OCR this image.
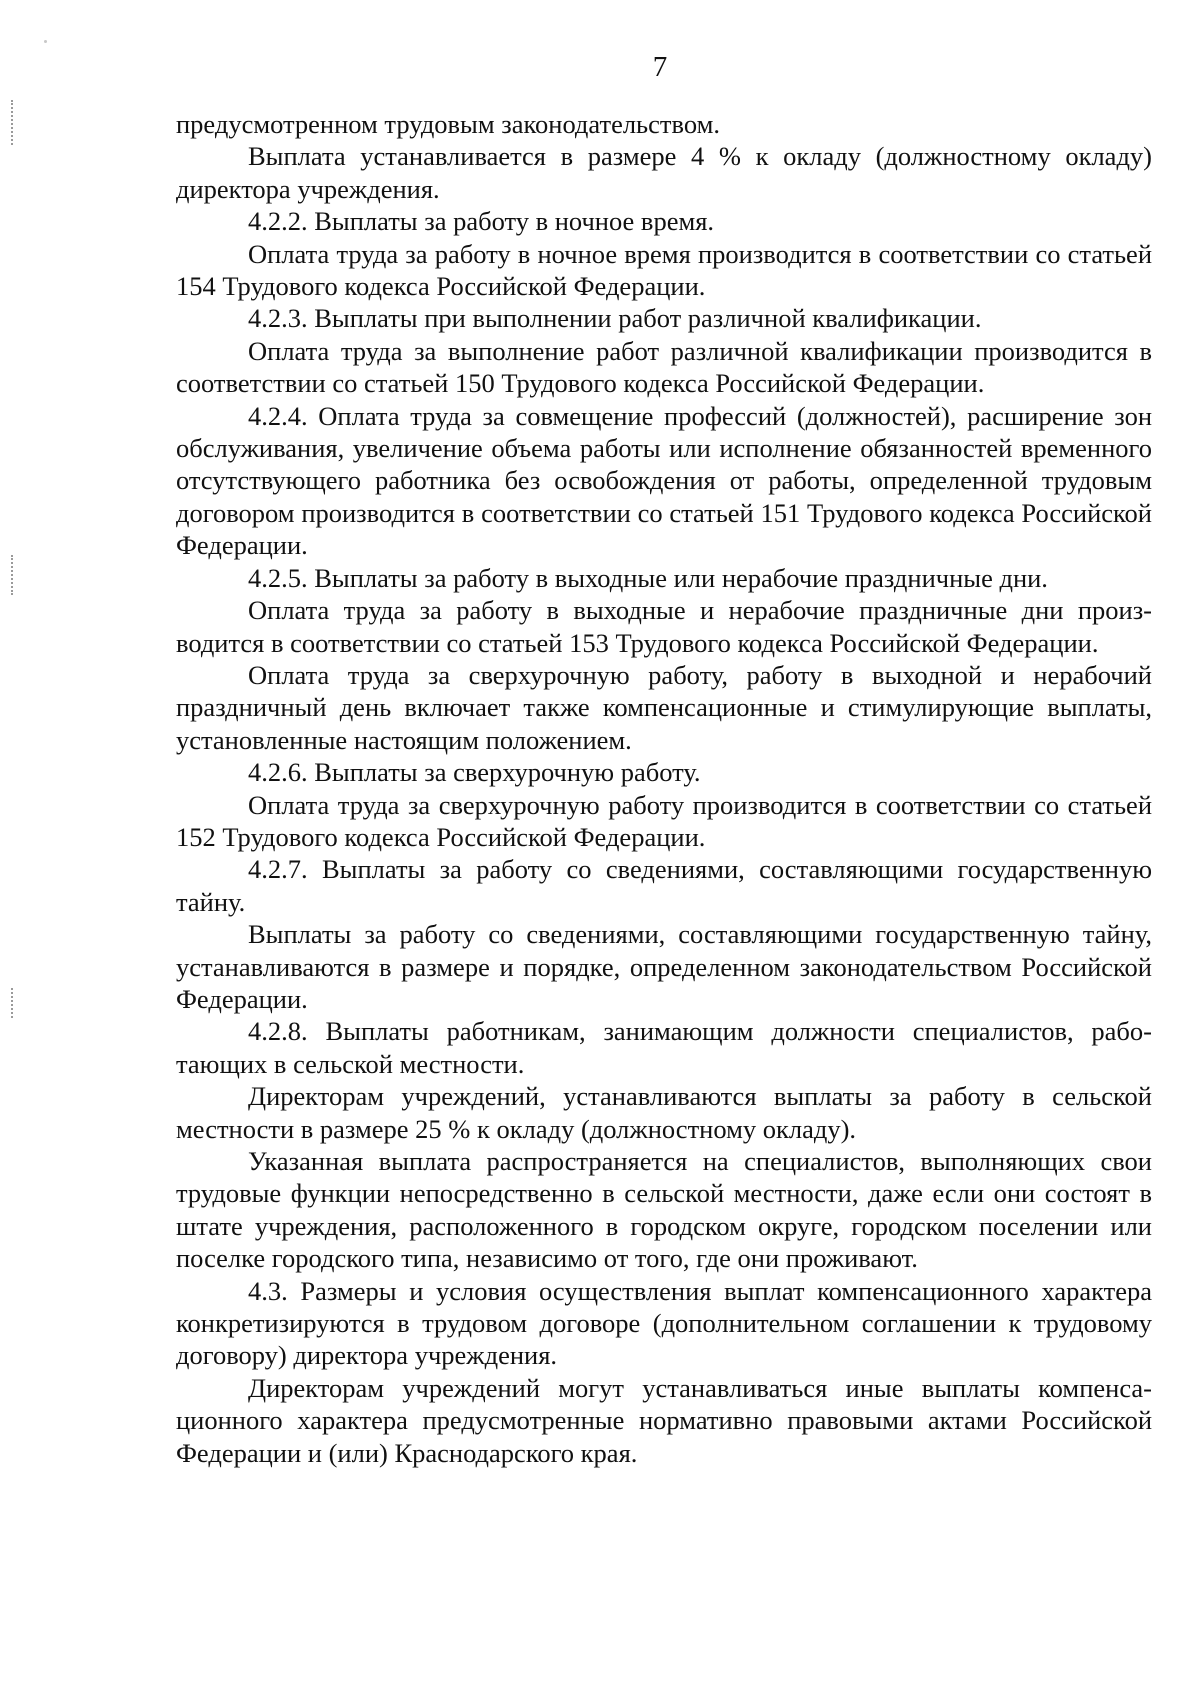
7

предусмотренном трудовым законодательством.

Выплата устанавливается в размере 4 % к окладу (должностному окладу) директора учреждения.

4.2.2. Выплаты за работу в ночное время.

Оплата труда за работу в ночное время производится в соответствии со статьей 154 Трудового кодекса Российской Федерации.

4.2.3. Выплаты при выполнении работ различной квалификации.

Оплата труда за выполнение работ различной квалификации производится в соответствии со статьей 150 Трудового кодекса Российской Федерации.

4.2.4. Оплата труда за совмещение профессий (должностей), расширение зон обслуживания, увеличение объема работы или исполнение обязанностей временного отсутствующего работника без освобождения от работы, определенной трудовым договором производится в соответствии со статьей 151 Трудового кодекса Российской Федерации.

4.2.5. Выплаты за работу в выходные или нерабочие праздничные дни.

Оплата труда за работу в выходные и нерабочие праздничные дни производится в соответствии со статьей 153 Трудового кодекса Российской Федерации.

Оплата труда за сверхурочную работу, работу в выходной и нерабочий праздничный день включает также компенсационные и стимулирующие выплаты, установленные настоящим положением.

4.2.6. Выплаты за сверхурочную работу.

Оплата труда за сверхурочную работу производится в соответствии со статьей 152 Трудового кодекса Российской Федерации.

4.2.7. Выплаты за работу со сведениями, составляющими государственную тайну.

Выплаты за работу со сведениями, составляющими государственную тайну, устанавливаются в размере и порядке, определенном законодательством Российской Федерации.

4.2.8. Выплаты работникам, занимающим должности специалистов, работающих в сельской местности.

Директорам учреждений, устанавливаются выплаты за работу в сельской местности в размере 25 % к окладу (должностному окладу).

Указанная выплата распространяется на специалистов, выполняющих свои трудовые функции непосредственно в сельской местности, даже если они состоят в штате учреждения, расположенного в городском округе, городском поселении или поселке городского типа, независимо от того, где они проживают.

4.3. Размеры и условия осуществления выплат компенсационного характера конкретизируются в трудовом договоре (дополнительном соглашении к трудовому договору) директора учреждения.

Директорам учреждений могут устанавливаться иные выплаты компенсационного характера предусмотренные нормативно правовыми актами Российской Федерации и (или) Краснодарского края.
